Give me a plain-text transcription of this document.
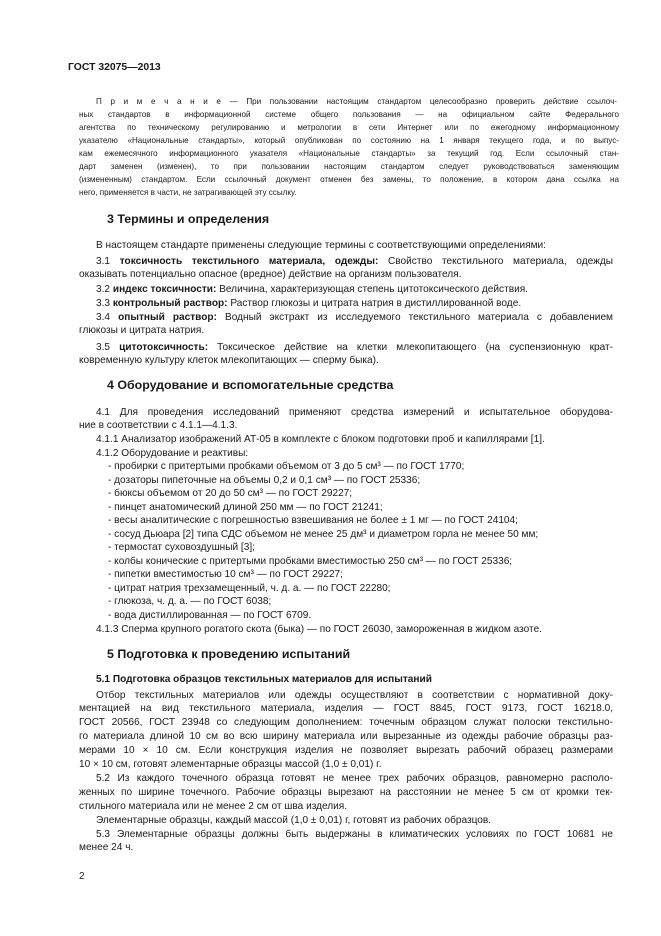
ГОСТ 32075—2013
П р и м е ч а н и е — При пользовании настоящим стандартом целесообразно проверить действие ссылоч-
ных стандартов в информационной системе общего пользования — на официальном сайте Федерального
агентства по техническому регулированию и метрологии в сети Интернет или по ежегодному информационному
указателю «Национальные стандарты», который опубликован по состоянию на 1 января текущего года, и по выпус-
кам ежемесячного информационного указателя «Национальные стандарты» за текущий год. Если ссылочный стан-
дарт заменен (изменен), то при пользовании настоящим стандартом следует руководствоваться заменяющим
(измененным) стандартом. Если ссылочный документ отменен без замены, то положение, в котором дана ссылка на
него, применяется в части, не затрагивающей эту ссылку.
3 Термины и определения
В настоящем стандарте применены следующие термины с соответствующими определениями:
3.1 токсичность текстильного материала, одежды: Свойство текстильного материала, одежды
оказывать потенциально опасное (вредное) действие на организм пользователя.
3.2 индекс токсичности: Величина, характеризующая степень цитотоксического действия.
3.3 контрольный раствор: Раствор глюкозы и цитрата натрия в дистиллированной воде.
3.4 опытный раствор: Водный экстракт из исследуемого текстильного материала с добавлением
глюкозы и цитрата натрия.
3.5 цитотоксичность: Токсическое действие на клетки млекопитающего (на суспензионную крат-
ковременную культуру клеток млекопитающих — сперму быка).
4 Оборудование и вспомогательные средства
4.1 Для проведения исследований применяют средства измерений и испытательное оборудова-
ние в соответствии с 4.1.1—4.1.3.
4.1.1 Анализатор изображений АТ-05 в комплекте с блоком подготовки проб и капиллярами [1].
4.1.2 Оборудование и реактивы:
- пробирки с притертыми пробками объемом от 3 до 5 см³ — по ГОСТ 1770;
- дозаторы пипеточные на объемы 0,2 и 0,1 см³ — по ГОСТ 25336;
- бюксы объемом от 20 до 50 см³ — по ГОСТ 29227;
- пинцет анатомический длиной 250 мм — по ГОСТ 21241;
- весы аналитические с погрешностью взвешивания не более ± 1 мг — по ГОСТ 24104;
- сосуд Дьюара [2] типа СДС объемом не менее 25 дм³ и диаметром горла не менее 50 мм;
- термостат суховоздушный [3];
- колбы конические с притертыми пробками вместимостью 250 см³ — по ГОСТ 25336;
- пипетки вместимостью 10 см³ — по ГОСТ 29227;
- цитрат натрия трехзамещенный, ч. д. а. — по ГОСТ 22280;
- глюкоза, ч. д. а. — по ГОСТ 6038;
- вода дистиллированная — по ГОСТ 6709.
4.1.3 Сперма крупного рогатого скота (быка) — по ГОСТ 26030, замороженная в жидком азоте.
5 Подготовка к проведению испытаний
5.1 Подготовка образцов текстильных материалов для испытаний
Отбор текстильных материалов или одежды осуществляют в соответствии с нормативной доку-
ментацией на вид текстильного материала, изделия — ГОСТ 8845, ГОСТ 9173, ГОСТ 16218.0,
ГОСТ 20566, ГОСТ 23948 со следующим дополнением: точечным образцом служат полоски текстильно-
го материала длиной 10 см во всю ширину материала или вырезанные из одежды рабочие образцы раз-
мерами 10 × 10 см. Если конструкция изделия не позволяет вырезать рабочий образец размерами
10 × 10 см, готовят элементарные образцы массой (1,0 ± 0,01) г.
5.2 Из каждого точечного образца готовят не менее трех рабочих образцов, равномерно располо-
женных по ширине точечного. Рабочие образцы вырезают на расстоянии не менее 5 см от кромки тек-
стильного материала или не менее 2 см от шва изделия.
Элементарные образцы, каждый массой (1,0 ± 0,01) г, готовят из рабочих образцов.
5.3 Элементарные образцы должны быть выдержаны в климатических условиях по ГОСТ 10681 не
менее 24 ч.
2
